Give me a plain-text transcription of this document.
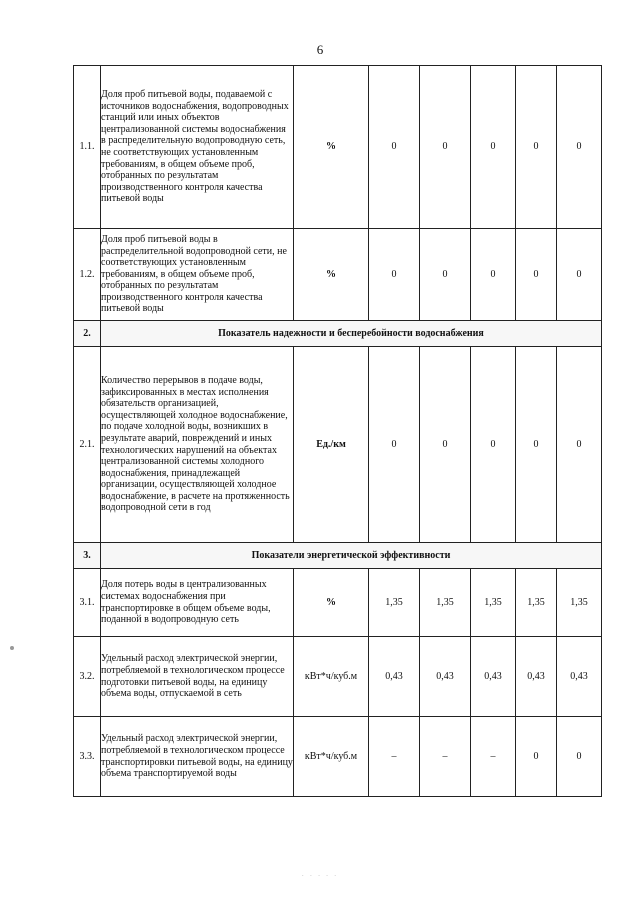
6
1.1.	Доля проб питьевой воды, подаваемой с источников водоснабжения, водопроводных станций или иных объектов централизованной системы водоснабжения в распределительную водопроводную сеть, не соответствующих установленным требованиям, в общем объеме проб, отобранных по результатам производственного контроля качества питьевой воды	%	0	0	0	0	0
1.2.	Доля проб питьевой воды в распределительной водопроводной сети, не соответствующих установленным требованиям, в общем объеме проб, отобранных по результатам производственного контроля качества питьевой воды	%	0	0	0	0	0
2.	Показатель надежности и бесперебойности водоснабжения						
2.1.	Количество перерывов в подаче воды, зафиксированных в местах исполнения обязательств организацией, осуществляющей холодное водоснабжение, по подаче холодной воды, возникших в результате аварий, повреждений и иных технологических нарушений на объектах централизованной системы холодного водоснабжения, принадлежащей организации, осуществляющей холодное водоснабжение, в расчете на протяженность водопроводной сети в год	Ед./км	0	0	0	0	0
3.	Показатели энергетической эффективности						
3.1.	Доля потерь воды в централизованных системах водоснабжения при транспортировке в общем объеме воды, поданной в водопроводную сеть	%	1,35	1,35	1,35	1,35	1,35
3.2.	Удельный расход электрической энергии, потребляемой в технологическом процессе подготовки питьевой воды, на единицу объема воды, отпускаемой в сеть	кВт*ч/куб.м	0,43	0,43	0,43	0,43	0,43
3.3.	Удельный расход электрической энергии, потребляемой в технологическом процессе транспортировки питьевой воды, на единицу объема транспортируемой воды	кВт*ч/куб.м	–	–	–	0	0
· · · · ·
